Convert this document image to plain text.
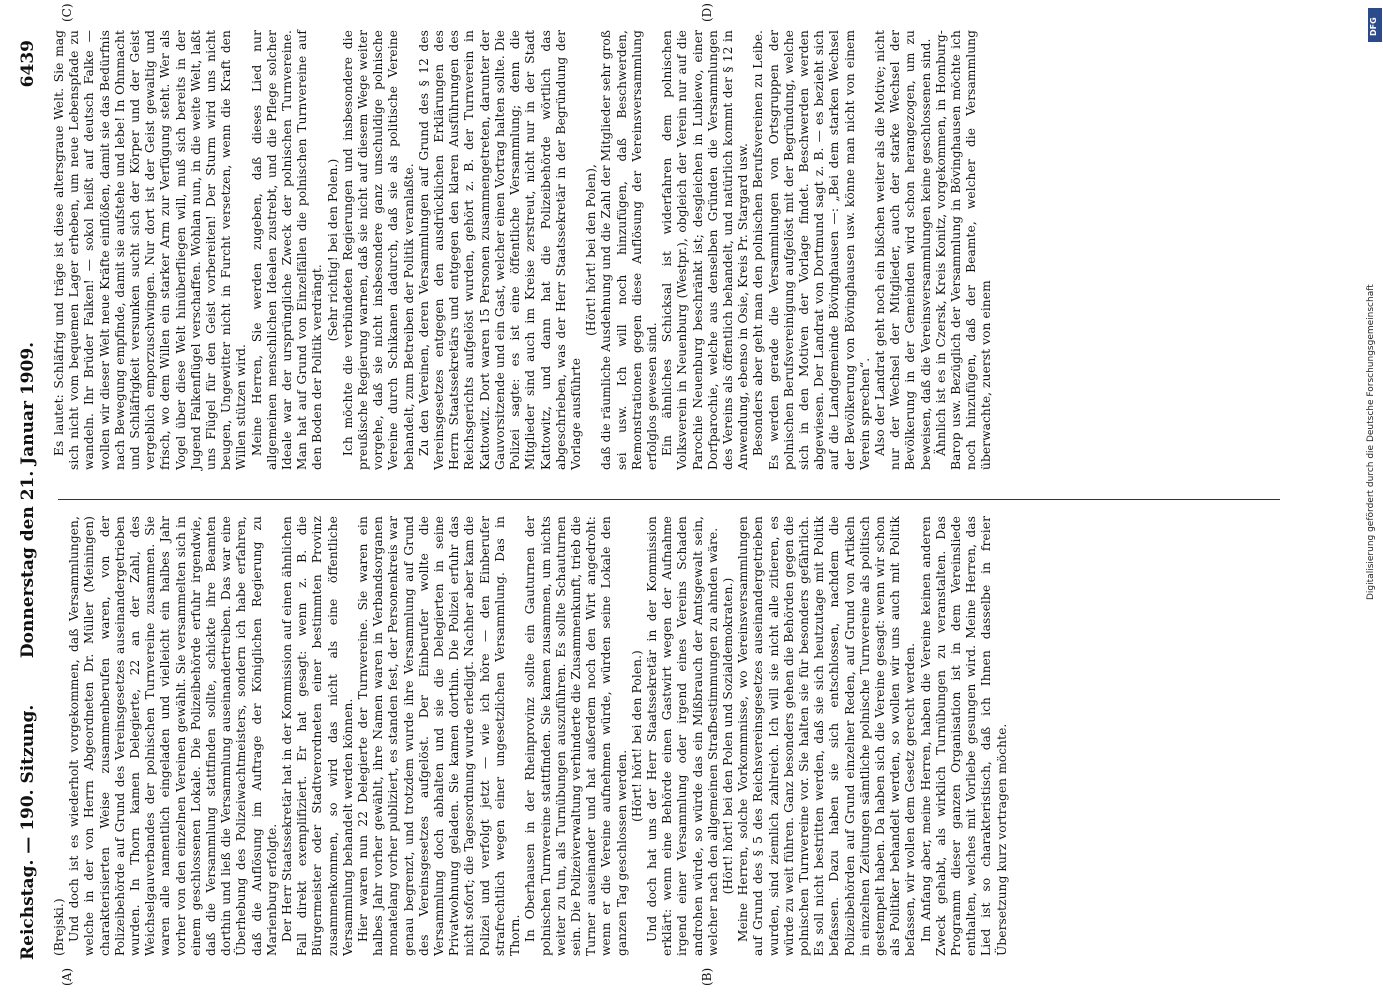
Reichstag. — 190. Sitzung.
Donnerstag den 21. Januar 1909.
6439
(A)	(B)
(C)	(D)

(Brejski.) Und doch ist es wiederholt vorgekommen, daß Versammlungen, welche in der von Herrn Abgeordneten Dr. Müller (Meiningen) charakterisierten Weise zusammenberufen waren, von der Polizeibehörde auf Grund des Vereinsgesetzes auseinandergetrieben wurden. In Thorn kamen Delegierte, 22 an der Zahl, des Weichselgauverbandes der polnischen Turnvereine zusammen. Sie waren alle namentlich eingeladen und vielleicht ein halbes Jahr vorher von den einzelnen Vereinen gewählt. Sie versammelten sich in einem geschlossenen Lokale. Die Polizeibehörde erfuhr irgendwie, daß die Versammlung stattfinden sollte, schickte ihre Beamten dorthin und ließ die Versammlung auseinandertreiben. Das war eine Überhebung des Polizeiwachtmeisters, sondern ich habe erfahren, daß die Auflösung im Auftrage der Königlichen Regierung zu Marienburg erfolgte. Der Herr Staatssekretär hat in der Kommission auf einen ähnlichen Fall direkt exemplifiziert. Er hat gesagt: wenn z. B. die Bürgermeister oder Stadtverordneten einer bestimmten Provinz zusammenkommen, so wird das nicht als eine öffentliche Versammlung behandelt werden können. Hier waren nun 22 Delegierte der Turnvereine. Sie waren ein halbes Jahr vorher gewählt, ihre Namen waren in Verbandsorganen monatelang vorher publiziert, es standen fest, der Personenkreis war genau begrenzt, und trotzdem wurde ihre Versammlung auf Grund des Vereinsgesetzes aufgelöst. Der Einberufer wollte die Versammlung doch abhalten und sie die Delegierten in seine Privatwohnung geladen. Sie kamen dorthin. Die Polizei erfuhr das nicht sofort; die Tagesordnung wurde erledigt. Nachher aber kam die Polizei und verfolgt jetzt — wie ich höre — den Einberufer strafrechtlich wegen einer ungesetzlichen Versammlung. Das in Thorn. In Oberhausen in der Rheinprovinz sollte ein Gauturnen der polnischen Turnvereine stattfinden. Sie kamen zusammen, um nichts weiter zu tun, als Turnübungen auszuführen. Es sollte Schauturnen sein. Die Polizeiverwaltung verhinderte die Zusammenkunft, trieb die Turner auseinander und hat außerdem noch den Wirt angedroht: wenn er die Vereine aufnehmen würde, würden seine Lokale den ganzen Tag geschlossen werden.

(Hört! hört! bei den Polen.) Und doch hat uns der Herr Staatssekretär in der Kommission erklärt: wenn eine Behörde einen Gastwirt wegen der Aufnahme irgend einer Versammlung oder irgend eines Vereins Schaden androhen würde, so würde das ein Mißbrauch der Amtsgewalt sein, welcher nach den allgemeinen Strafbestimmungen zu ahnden wäre. (Hört! hört! bei den Polen und Sozialdemokraten.) Meine Herren, solche Vorkommnisse, wo Vereinsversammlungen auf Grund des § 5 des Reichsvereinsgesetzes auseinandergetrieben wurden, sind ziemlich zahlreich. Ich will sie nicht alle zitieren, es würde zu weit führen. Ganz besonders gehen die Behörden gegen die polnischen Turnvereine vor. Sie halten sie für besonders gefährlich. Es soll nicht bestritten werden, daß sie sich heutzutage mit Politik befassen. Dazu haben sie sich entschlossen, nachdem die Polizeibehörden auf Grund einzelner Reden, auf Grund von Artikeln in einzelnen Zeitungen sämtliche polnische Turnvereine als politisch gestempelt haben. Da haben sich die Vereine gesagt: wenn wir schon als Politiker behandelt werden, so wollen wir uns auch mit Politik befassen, wir wollen dem Gesetz gerecht werden. Im Anfang aber, meine Herren, haben die Vereine keinen anderen Zweck gehabt, als wirklich Turnübungen zu veranstalten. Das Programm dieser ganzen Organisation ist in dem Vereinsliede enthalten, welches mit Vorliebe gesungen wird. Meine Herren, das Lied ist so charakteristisch, daß ich Ihnen dasselbe in freier Übersetzung kurz vortragen möchte.

Es lautet: Schläfrig und träge ist diese altersgraue Welt. Sie mag sich nicht vom bequemen Lager erheben, um neue Lebenspfade zu wandeln. Ihr Brüder Falken! — sokol heißt auf deutsch Falke — wollen wir dieser Welt neue Kräfte einflößen, damit sie das Bedürfnis nach Bewegung empfinde, damit sie aufstehe und lebe! In Ohnmacht und Schläfrigkeit versunken sucht sich der Körper und der Geist vergeblich emporzuschwingen. Nur dort ist der Geist gewaltig und frisch, wo dem Willen ein starker Arm zur Verfügung steht. Wer als Vogel über diese Welt hinüberfliegen will, muß sich bereits in der Jugend Falkenflügel verschaffen. Wohlan nun, in die weite Welt, laßt uns Flügel für den Geist vorbereiten! Der Sturm wird uns nicht beugen, Ungewitter nicht in Furcht versetzen, wenn die Kraft den Willen stützen wird. Meine Herren, Sie werden zugeben, daß dieses Lied nur allgemeinen menschlichen Idealen zustrebt, und die Pflege solcher Ideale war der ursprüngliche Zweck der polnischen Turnvereine. Man hat auf Grund von Einzelfällen die polnischen Turnvereine auf den Boden der Politik verdrängt.

(Sehr richtig! bei den Polen.) Ich möchte die verbündeten Regierungen und insbesondere die preußische Regierung warnen, daß sie nicht auf diesem Wege weiter vorgehe, daß sie nicht insbesondere ganz unschuldige polnische Vereine durch Schikanen dadurch, daß sie als politische Vereine behandelt, zum Betreiben der Politik veranlaßte. Zu den Vereinen, deren Versammlungen auf Grund des § 12 des Vereinsgesetzes entgegen den ausdrücklichen Erklärungen des Herrn Staatssekretärs und entgegen den klaren Ausführungen des Reichsgerichts aufgelöst wurden, gehört z. B. der Turnverein in Kattowitz. Dort waren 15 Personen zusammengetreten, darunter der Gauvorsitzende und ein Gast, welcher einen Vortrag halten sollte. Die Polizei sagte: es ist eine öffentliche Versammlung; denn die Mitglieder sind auch im Kreise zerstreut, nicht nur in der Stadt Kattowitz, und dann hat die Polizeibehörde wörtlich das abgeschrieben, was der Herr Staatssekretär in der Begründung der Vorlage ausführte

(Hört! hört! bei den Polen), daß die räumliche Ausdehnung und die Zahl der Mitglieder sehr groß sei usw. Ich will noch hinzufügen, daß Beschwerden, Remonstrationen gegen diese Auflösung der Vereinsversammlung erfolglos gewesen sind. Ein ähnliches Schicksal ist widerfahren dem polnischen Volksverein in Neuenburg (Westpr.), obgleich der Verein nur auf die Parochie Neuenburg beschränkt ist; desgleichen in Lubiewo, einer Dorfparochie, welche aus denselben Gründen die Versammlungen des Vereins als öffentlich behandelt, und natürlich kommt der § 12 in Anwendung, ebenso in Osie, Kreis Pr. Stargard usw. Besonders aber geht man den polnischen Berufsvereinen zu Leibe. Es werden gerade die Versammlungen von Ortsgruppen der polnischen Berufsvereinigung aufgelöst mit der Begründung, welche sich in den Motiven der Vorlage findet. Beschwerden werden abgewiesen. Der Landrat von Dortmund sagt z. B. — es bezieht sich auf die Landgemeinde Bövinghausen —: „Bei dem starken Wechsel der Bevölkerung von Bövinghausen usw. könne man nicht von einem Verein sprechen“. Also der Landrat geht noch ein bißchen weiter als die Motive; nicht nur der Wechsel der Mitglieder, auch der starke Wechsel der Bevölkerung in der Gemeinden wird schon herangezogen, um zu beweisen, daß die Vereinsversammlungen keine geschlossenen sind. Ähnlich ist es in Czersk, Kreis Konitz, vorgekommen, in Homburg-Barop usw. Bezüglich der Versammlung in Bövinghausen möchte ich noch hinzufügen, daß der Beamte, welcher die Versammlung überwachte, zuerst von einem

DFG
Digitalisierung gefördert durch die Deutsche Forschungsgemeinschaft
